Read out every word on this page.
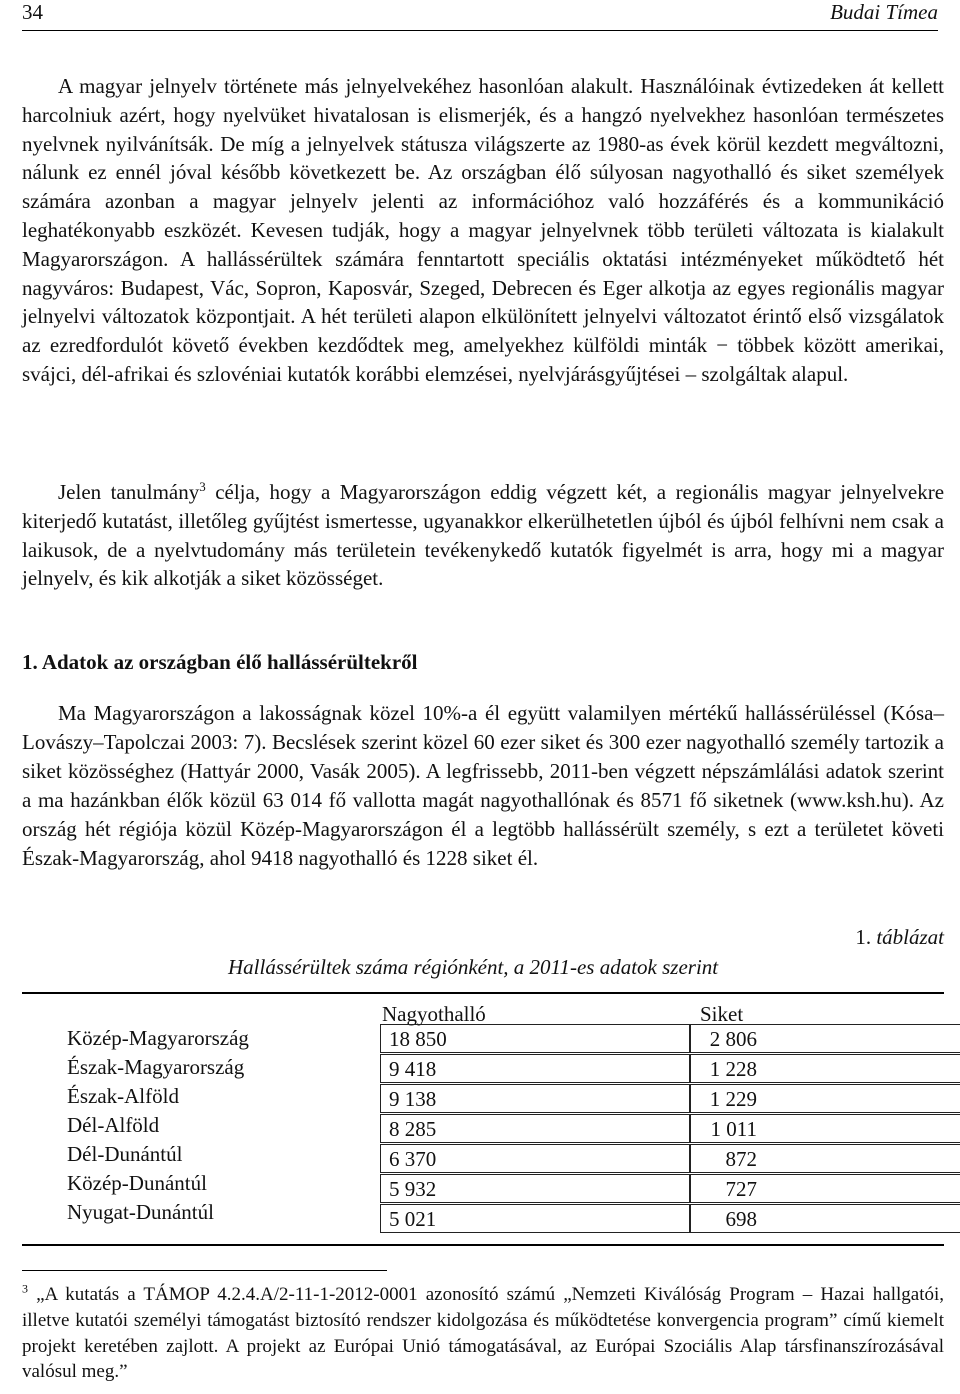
34	Budai Tímea

A magyar jelnyelv története más jelnyelvekéhez hasonlóan alakult. Használóinak évtizedeken át kellett harcolniuk azért, hogy nyelvüket hivatalosan is elismerjék, és a hangzó nyelvekhez hasonlóan természetes nyelvnek nyilvánítsák. De míg a jelnyelvek státusza világszerte az 1980-as évek körül kezdett megváltozni, nálunk ez ennél jóval később következett be. Az országban élő súlyosan nagyothalló és siket személyek számára azonban a magyar jelnyelv jelenti az információhoz való hozzáférés és a kommunikáció leghatékonyabb eszközét. Kevesen tudják, hogy a magyar jelnyelvnek több területi változata is kialakult Magyarországon. A hallássérültek számára fenntartott speciális oktatási intézményeket működtető hét nagyváros: Budapest, Vác, Sopron, Kaposvár, Szeged, Debrecen és Eger alkotja az egyes regionális magyar jelnyelvi változatok központjait. A hét területi alapon elkülönített jelnyelvi változatot érintő első vizsgálatok az ezredfordulót követő években kezdődtek meg, amelyekhez külföldi minták − többek között amerikai, svájci, dél-afrikai és szlovéniai kutatók korábbi elemzései, nyelvjárásgyűjtései – szolgáltak alapul.

Jelen tanulmány$^3$ célja, hogy a Magyarországon eddig végzett két, a regionális magyar jelnyelvekre kiterjedő kutatást, illetőleg gyűjtést ismertesse, ugyanakkor elkerülhetetlen újból és újból felhívni nem csak a laikusok, de a nyelvtudomány más területein tevékenykedő kutatók figyelmét is arra, hogy mi a magyar jelnyelv, és kik alkotják a siket közösséget.

1. Adatok az országban élő hallássérültekről

Ma Magyarországon a lakosságnak közel 10%-a él együtt valamilyen mértékű hallássérüléssel (Kósa–Lovászy–Tapolczai 2003: 7). Becslések szerint közel 60 ezer siket és 300 ezer nagyothalló személy tartozik a siket közösséghez (Hattyár 2000, Vasák 2005). A legfrissebb, 2011-ben végzett népszámlálási adatok szerint a ma hazánkban élők közül 63 014 fő vallotta magát nagyothallónak és 8571 fő siketnek (www.ksh.hu). Az ország hét régiója közül Közép-Magyarországon él a legtöbb hallássérült személy, s ezt a területet követi Észak-Magyarország, ahol 9418 nagyothalló és 1228 siket él.

1. táblázat
Hallássérültek száma régiónként, a 2011-es adatok szerint
Nagyothalló	Siket
Közép-Magyarország
Észak-Magyarország
Észak-Alföld
Dél-Alföld
Dél-Dunántúl
Közép-Dunántúl
Nyugat-Dunántúl
18 850
9 418
9 138
8 285
6 370
5 932
5 021
2 806
1 228
1 229
1 011
872
727
698
$^3$ „A kutatás a TÁMOP 4.2.4.A/2-11-1-2012-0001 azonosító számú „Nemzeti Kiválóság Program – Hazai hallgatói, illetve kutatói személyi támogatást biztosító rendszer kidolgozása és működtetése konvergencia program” című kiemelt projekt keretében zajlott. A projekt az Európai Unió támogatásával, az Európai Szociális Alap társfinanszírozásával valósul meg.”
